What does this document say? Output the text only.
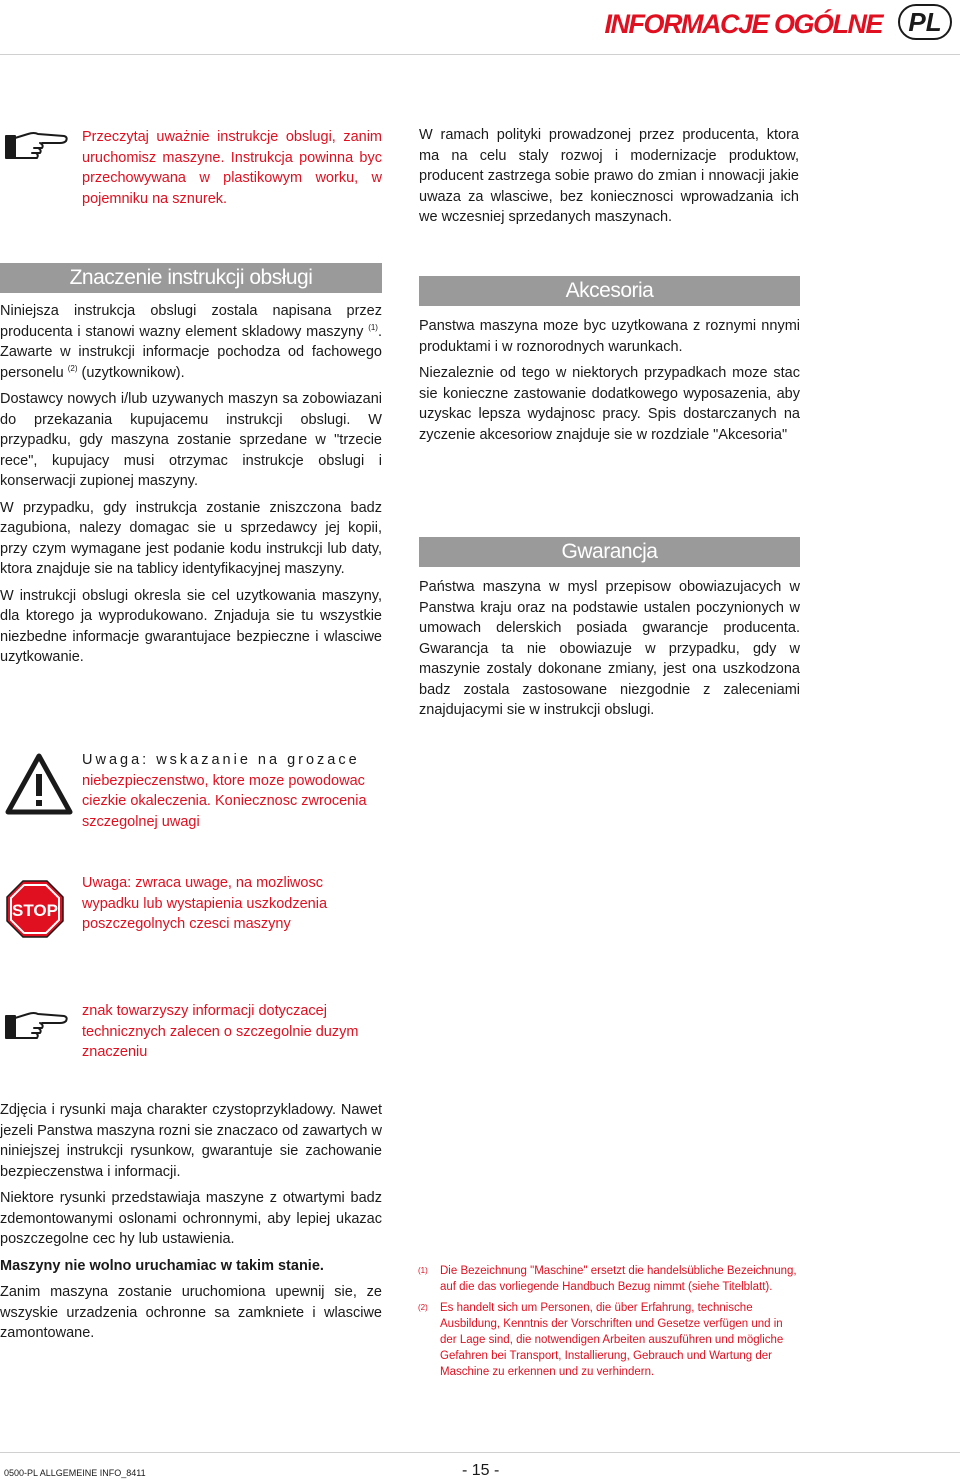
INFORMACJE OGÓLNE	PL
Przeczytaj uważnie instrukcje obslugi, zanim uruchomisz maszyne. Instrukcja powinna byc przechowywana w plastikowym worku, w pojemniku na sznurek.
W ramach polityki prowadzonej przez producenta, ktora ma na celu staly rozwoj i modernizacje produktow, producent zastrzega sobie prawo do zmian i nnowacji jakie uwaza za wlasciwe, bez koniecznosci wprowadzania ich we wczesniej sprzedanych maszynach.
Znaczenie instrukcji obsługi

Niniejsza instrukcja obslugi zostala napisana przez producenta i stanowi wazny element skladowy maszyny $^{(1)}$. Zawarte w instrukcji informacje pochodza od fachowego personelu $^{(2)}$ (uzytkownikow).

Dostawcy nowych i/lub uzywanych maszyn sa zobowiazani do przekazania kupujacemu instrukcji obslugi. W przypadku, gdy maszyna zostanie sprzedane w "trzecie rece", kupujacy musi otrzymac instrukcje obslugi i konserwacji zupionej maszyny.

W przypadku, gdy instrukcja zostanie zniszczona badz zagubiona, nalezy domagac sie u sprzedawcy jej kopii, przy czym wymagane jest podanie kodu instrukcji lub daty, ktora znajduje sie na tablicy identyfikacyjnej maszyny.

W instrukcji obslugi okresla sie cel uzytkowania maszyny, dla ktorego ja wyprodukowano. Znjaduja sie tu wszystkie niezbedne informacje gwarantujace bezpieczne i wlasciwe uzytkowanie.

Akcesoria

Panstwa maszyna moze byc uzytkowana z roznymi nnymi produktami i w roznorodnych warunkach.

Niezaleznie od tego w niektorych przypadkach moze stac sie konieczne zastowanie dodatkowego wyposazenia, aby uzyskac lepsza wydajnosc pracy. Spis dostarczanych na zyczenie akcesoriow znajduje sie w rozdziale "Akcesoria"

Gwarancja

Państwa maszyna w mysl przepisow obowiazujacych w Panstwa kraju oraz na podstawie ustalen poczynionych w umowach delerskich posiada gwarancje producenta. Gwarancja ta nie obowiazuje w przypadku, gdy w maszynie zostaly dokonane zmiany, jest ona uszkodzona badz zostala zastosowane niezgodnie z zaleceniami znajdujacymi sie w instrukcji obslugi.

Uwaga: wskazanie na grozace niebezpieczenstwo, ktore moze powodowac ciezkie okaleczenia. Koniecznosc zwrocenia szczegolnej uwagi
STOP
Uwaga: zwraca uwage, na mozliwosc wypadku lub wystapienia uszkodzenia poszczegolnych czesci maszyny
znak towarzyszy informacji dotyczacej technicznych zalecen o szczegolnie duzym znaczeniu

Zdjęcia i rysunki maja charakter czystoprzykladowy. Nawet jezeli Panstwa maszyna rozni sie znaczaco od zawartych w niniejszej instrukcji rysunkow, gwarantuje sie zachowanie bezpieczenstwa i informacji.

Niektore rysunki przedstawiaja maszyne z otwartymi badz zdemontowanymi oslonami ochronnymi, aby lepiej ukazac poszczegolne cec hy lub ustawienia.

Maszyny nie wolno uruchamiac w takim stanie.

Zanim maszyna zostanie uruchomiona upewnij sie, ze wszyskie urzadzenia ochronne sa zamkniete i wlasciwe zamontowane.

(1) Die Bezeichnung "Maschine" ersetzt die handelsübliche Bezeichnung, auf die das vorliegende Handbuch Bezug nimmt (siehe Titelblatt).
(2) Es handelt sich um Personen, die über Erfahrung, technische Ausbildung, Kenntnis der Vorschriften und Gesetze verfügen und in der Lage sind, die notwendigen Arbeiten auszuführen und mögliche Gefahren bei Transport, Installierung, Gebrauch und Wartung der Maschine zu erkennen und zu verhindern.
0500-PL ALLGEMEINE INFO_8411	- 15 -
